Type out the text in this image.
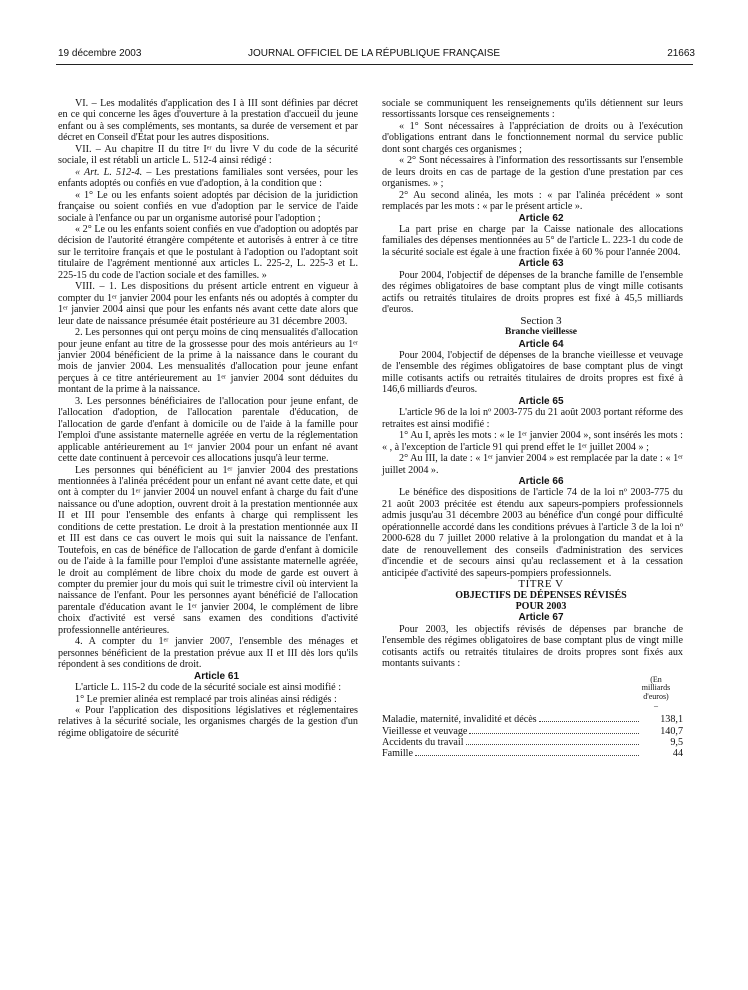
19 décembre 2003	JOURNAL OFFICIEL DE LA RÉPUBLIQUE FRANÇAISE	21663

VI. – Les modalités d'application des I à III sont définies par décret en ce qui concerne les âges d'ouverture à la prestation d'accueil du jeune enfant ou à ses compléments, ses montants, sa durée de versement et par décret en Conseil d'Etat pour les autres dispositions.

VII. – Au chapitre II du titre Iᵉʳ du livre V du code de la sécurité sociale, il est rétabli un article L. 512-4 ainsi rédigé :

« Art. L. 512-4. – Les prestations familiales sont versées, pour les enfants adoptés ou confiés en vue d'adoption, à la condition que :

« 1° Le ou les enfants soient adoptés par décision de la juridiction française ou soient confiés en vue d'adoption par le service de l'aide sociale à l'enfance ou par un organisme autorisé pour l'adoption ;

« 2° Le ou les enfants soient confiés en vue d'adoption ou adoptés par décision de l'autorité étrangère compétente et autorisés à entrer à ce titre sur le territoire français et que le postulant à l'adoption ou l'adoptant soit titulaire de l'agrément mentionné aux articles L. 225-2, L. 225-3 et L. 225-15 du code de l'action sociale et des familles. »

VIII. – 1. Les dispositions du présent article entrent en vigueur à compter du 1ᵉʳ janvier 2004 pour les enfants nés ou adoptés à compter du 1ᵉʳ janvier 2004 ainsi que pour les enfants nés avant cette date alors que leur date de naissance présumée était postérieure au 31 décembre 2003.

2. Les personnes qui ont perçu moins de cinq mensualités d'allocation pour jeune enfant au titre de la grossesse pour des mois antérieurs au 1ᵉʳ janvier 2004 bénéficient de la prime à la naissance dans le courant du mois de janvier 2004. Les mensualités d'allocation pour jeune enfant perçues à ce titre antérieurement au 1ᵉʳ janvier 2004 sont déduites du montant de la prime à la naissance.

3. Les personnes bénéficiaires de l'allocation pour jeune enfant, de l'allocation d'adoption, de l'allocation parentale d'éducation, de l'allocation de garde d'enfant à domicile ou de l'aide à la famille pour l'emploi d'une assistante maternelle agréée en vertu de la réglementation applicable antérieurement au 1ᵉʳ janvier 2004 pour un enfant né avant cette date continuent à percevoir ces allocations jusqu'à leur terme.

Les personnes qui bénéficient au 1ᵉʳ janvier 2004 des prestations mentionnées à l'alinéa précédent pour un enfant né avant cette date, et qui ont à compter du 1ᵉʳ janvier 2004 un nouvel enfant à charge du fait d'une naissance ou d'une adoption, ouvrent droit à la prestation mentionnée aux II et III pour l'ensemble des enfants à charge qui remplissent les conditions de cette prestation. Le droit à la prestation mentionnée aux II et III est dans ce cas ouvert le mois qui suit la naissance de l'enfant. Toutefois, en cas de bénéfice de l'allocation de garde d'enfant à domicile ou de l'aide à la famille pour l'emploi d'une assistante maternelle agréée, le droit au complément de libre choix du mode de garde est ouvert à compter du premier jour du mois qui suit le trimestre civil où intervient la naissance de l'enfant. Pour les personnes ayant bénéficié de l'allocation parentale d'éducation avant le 1ᵉʳ janvier 2004, le complément de libre choix d'activité est versé sans examen des conditions d'activité professionnelle antérieures.

4. A compter du 1ᵉʳ janvier 2007, l'ensemble des ménages et personnes bénéficient de la prestation prévue aux II et III dès lors qu'ils répondent à ses conditions de droit.

Article 61

L'article L. 115-2 du code de la sécurité sociale est ainsi modifié :

1° Le premier alinéa est remplacé par trois alinéas ainsi rédigés :

« Pour l'application des dispositions législatives et réglementaires relatives à la sécurité sociale, les organismes chargés de la gestion d'un régime obligatoire de sécurité

sociale se communiquent les renseignements qu'ils détiennent sur leurs ressortissants lorsque ces renseignements :

« 1° Sont nécessaires à l'appréciation de droits ou à l'exécution d'obligations entrant dans le fonctionnement normal du service public dont sont chargés ces organismes ;

« 2° Sont nécessaires à l'information des ressortissants sur l'ensemble de leurs droits en cas de partage de la gestion d'une prestation par ces organismes. » ;

2° Au second alinéa, les mots : « par l'alinéa précédent » sont remplacés par les mots : « par le présent article ».

Article 62

La part prise en charge par la Caisse nationale des allocations familiales des dépenses mentionnées au 5° de l'article L. 223-1 du code de la sécurité sociale est égale à une fraction fixée à 60 % pour l'année 2004.

Article 63

Pour 2004, l'objectif de dépenses de la branche famille de l'ensemble des régimes obligatoires de base comptant plus de vingt mille cotisants actifs ou retraités titulaires de droits propres est fixé à 45,5 milliards d'euros.

Section 3

Branche vieillesse

Article 64

Pour 2004, l'objectif de dépenses de la branche vieillesse et veuvage de l'ensemble des régimes obligatoires de base comptant plus de vingt mille cotisants actifs ou retraités titulaires de droits propres est fixé à 146,6 milliards d'euros.

Article 65

L'article 96 de la loi nº 2003-775 du 21 août 2003 portant réforme des retraites est ainsi modifié :

1° Au I, après les mots : « le 1ᵉʳ janvier 2004 », sont insérés les mots : « , à l'exception de l'article 91 qui prend effet le 1ᵉʳ juillet 2004 » ;

2° Au III, la date : « 1ᵉʳ janvier 2004 » est remplacée par la date : « 1ᵉʳ juillet 2004 ».

Article 66

Le bénéfice des dispositions de l'article 74 de la loi nº 2003-775 du 21 août 2003 précitée est étendu aux sapeurs-pompiers professionnels admis jusqu'au 31 décembre 2003 au bénéfice d'un congé pour difficulté opérationnelle accordé dans les conditions prévues à l'article 3 de la loi nº 2000-628 du 7 juillet 2000 relative à la prolongation du mandat et à la date de renouvellement des conseils d'administration des services d'incendie et de secours ainsi qu'au reclassement et à la cessation anticipée d'activité des sapeurs-pompiers professionnels.

TITRE V

OBJECTIFS DE DÉPENSES RÉVISÉS

POUR 2003

Article 67

Pour 2003, les objectifs révisés de dépenses par branche de l'ensemble des régimes obligatoires de base comptant plus de vingt mille cotisants actifs ou retraités titulaires de droits propres sont fixés aux montants suivants :

(En
milliards
d'euros)
–
Maladie, maternité, invalidité et décès	138,1
Vieillesse et veuvage	140,7
Accidents du travail	9,5
Famille	44
